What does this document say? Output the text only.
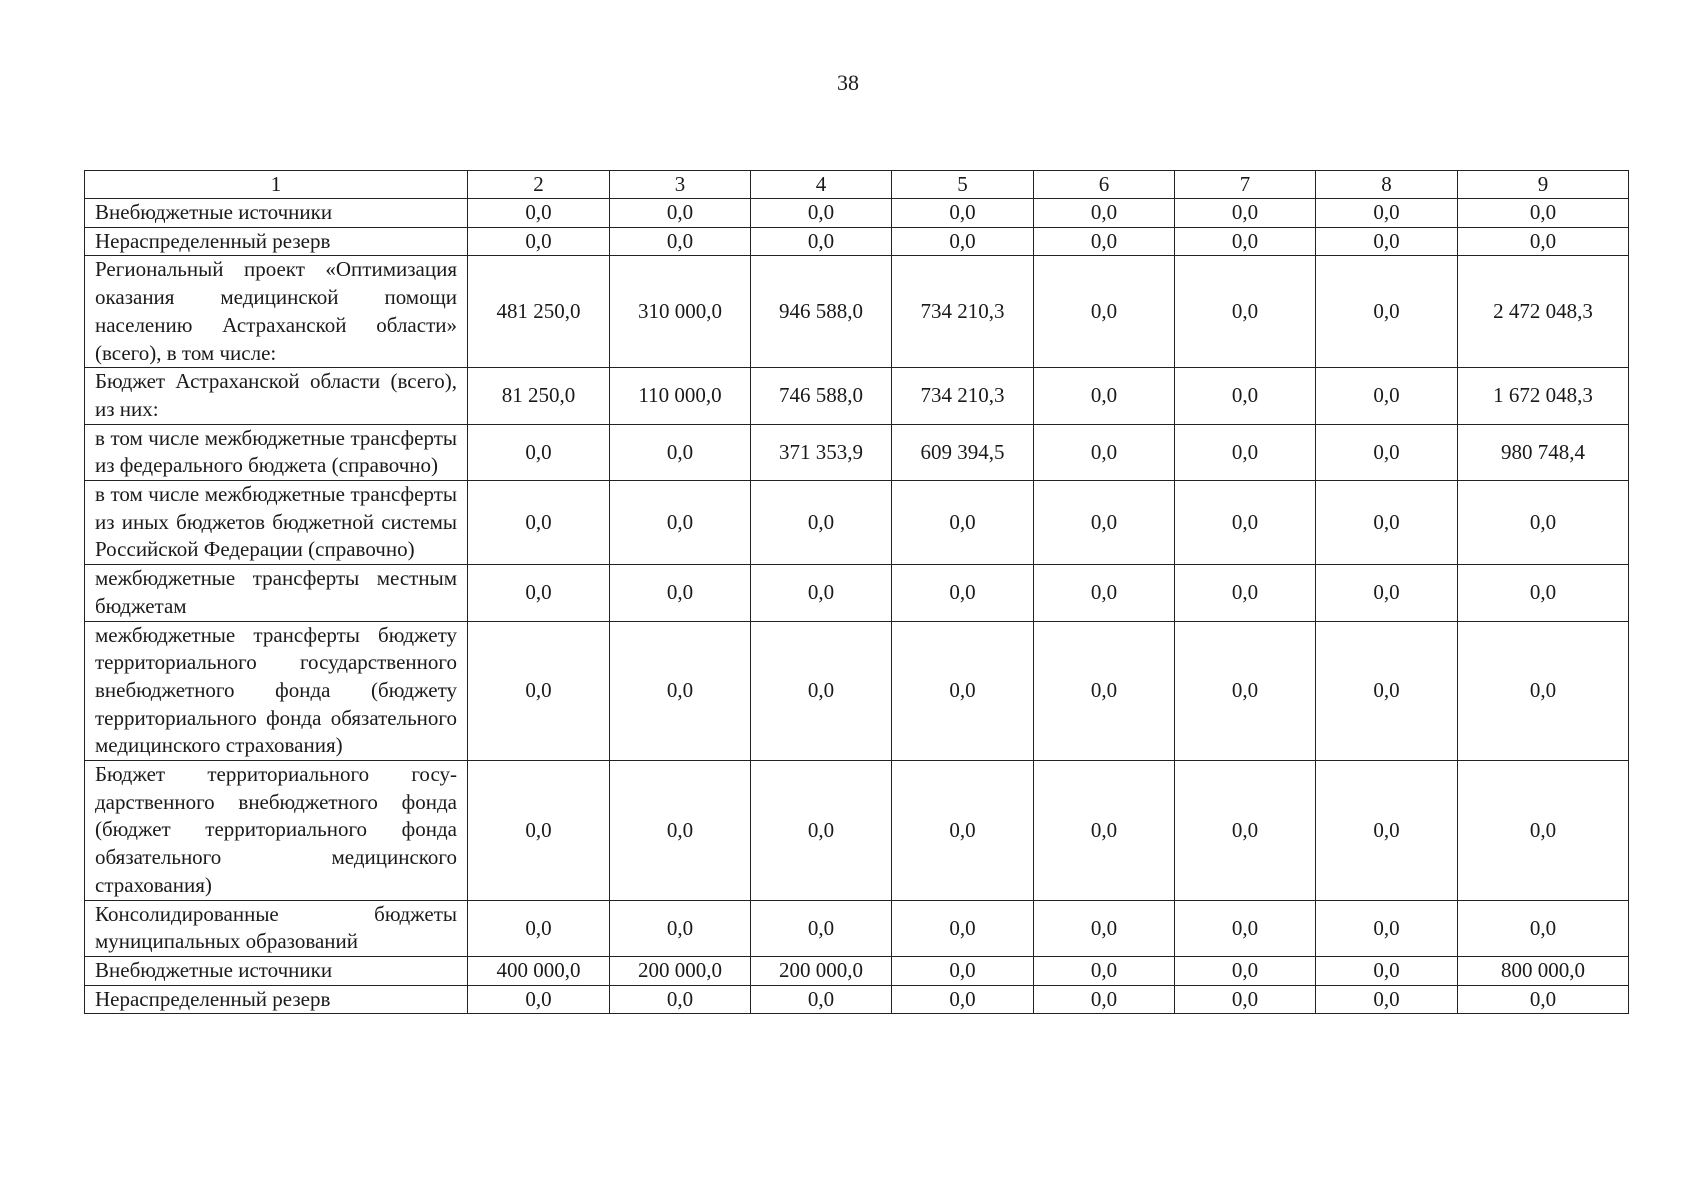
38
1	2	3	4	5	6	7	8	9
Внебюджетные источники	0,0	0,0	0,0	0,0	0,0	0,0	0,0	0,0
Нераспределенный резерв	0,0	0,0	0,0	0,0	0,0	0,0	0,0	0,0
Региональный проект «Оптимизация оказания медицинской помощи населению Астраханской области» (всего), в том числе:	481 250,0	310 000,0	946 588,0	734 210,3	0,0	0,0	0,0	2 472 048,3
Бюджет Астраханской области (всего), из них:	81 250,0	110 000,0	746 588,0	734 210,3	0,0	0,0	0,0	1 672 048,3
в том числе межбюджетные трансферты из федерального бюджета (справочно)	0,0	0,0	371 353,9	609 394,5	0,0	0,0	0,0	980 748,4
в том числе межбюджетные трансферты из иных бюджетов бюджетной системы Российской Федерации (справочно)	0,0	0,0	0,0	0,0	0,0	0,0	0,0	0,0
межбюджетные трансферты местным бюджетам	0,0	0,0	0,0	0,0	0,0	0,0	0,0	0,0
межбюджетные трансферты бюджету территориального государственного внебюджетного фонда (бюджету территориального фонда обязательного медицинского страхования)	0,0	0,0	0,0	0,0	0,0	0,0	0,0	0,0
Бюджет территориального государственного внебюджетного фонда (бюджет территориального фонда обязательного медицинского страхования)	0,0	0,0	0,0	0,0	0,0	0,0	0,0	0,0
Консолидированные бюджеты муниципальных образований	0,0	0,0	0,0	0,0	0,0	0,0	0,0	0,0
Внебюджетные источники	400 000,0	200 000,0	200 000,0	0,0	0,0	0,0	0,0	800 000,0
Нераспределенный резерв	0,0	0,0	0,0	0,0	0,0	0,0	0,0	0,0
